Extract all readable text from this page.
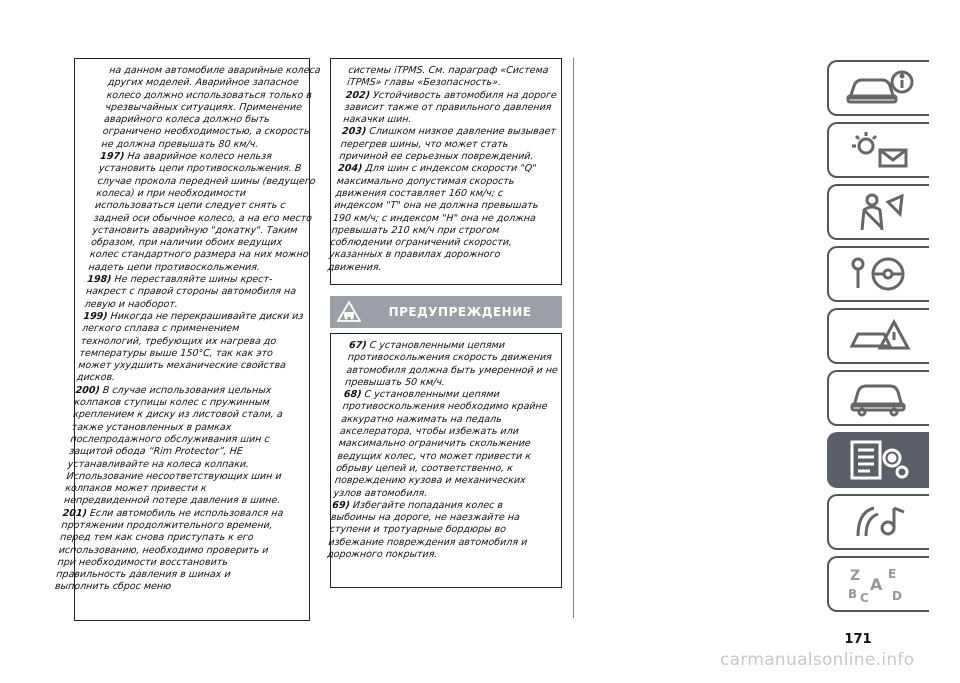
на данном автомобиле аварийные колеса других моделей. Аварийное запасное колесо должно использоваться только в чрезвычайных ситуациях. Применение аварийного колеса должно быть ограничено необходимостью, а скорость не должна превышать 80 км/ч.

197) На аварийное колесо нельзя установить цепи противоскольжения. В случае прокола передней шины (ведущего колеса) и при необходимости использоваться цепи следует снять с задней оси обычное колесо, а на его место установить аварийную "докатку". Таким образом, при наличии обоих ведущих колес стандартного размера на них можно надеть цепи противоскольжения.

198) Не переставляйте шины крест-накрест с правой стороны автомобиля на левую и наоборот.

199) Никогда не перекрашивайте диски из легкого сплава с применением технологий, требующих их нагрева до температуры выше 150°C, так как это может ухудшить механические свойства дисков.

200) В случае использования цельных колпаков ступицы колес с пружинным креплением к диску из листовой стали, а также установленных в рамках послепродажного обслуживания шин с защитой обода “Rim Protector”, НЕ устанавливайте на колеса колпаки. Использование несоответствующих шин и колпаков может привести к непредвиденной потере давления в шине.

201) Если автомобиль не использовался на протяжении продолжительного времени, перед тем как снова приступать к его использованию, необходимо проверить и при необходимости восстановить правильность давления в шинах и выполнить сброс меню

системы iTPMS. См. параграф «Система iTPMS» главы «Безопасность».

202) Устойчивость автомобиля на дороге зависит также от правильного давления накачки шин.

203) Слишком низкое давление вызывает перегрев шины, что может стать причиной ее серьезных повреждений.

204) Для шин с индексом скорости "Q" максимально допустимая скорость движения составляет 160 км/ч; с индексом "T" она не должна превышать 190 км/ч; с индексом "H" она не должна превышать 210 км/ч при строгом соблюдении ограничений скорости, указанных в правилах дорожного движения.

ПРЕДУПРЕЖДЕНИЕ

67) С установленными цепями противоскольжения скорость движения автомобиля должна быть умеренной и не превышать 50 км/ч.

68) С установленными цепями противоскольжения необходимо крайне аккуратно нажимать на педаль акселератора, чтобы избежать или максимально ограничить скольжение ведущих колес, что может привести к обрыву цепей и, соответственно, к повреждению кузова и механических узлов автомобиля.

69) Избегайте попадания колес в выбоины на дороге, не наезжайте на ступени и тротуарные бордюры во избежание повреждения автомобиля и дорожного покрытия.

Z E
A
B C D
171
carmanualsonline.info
